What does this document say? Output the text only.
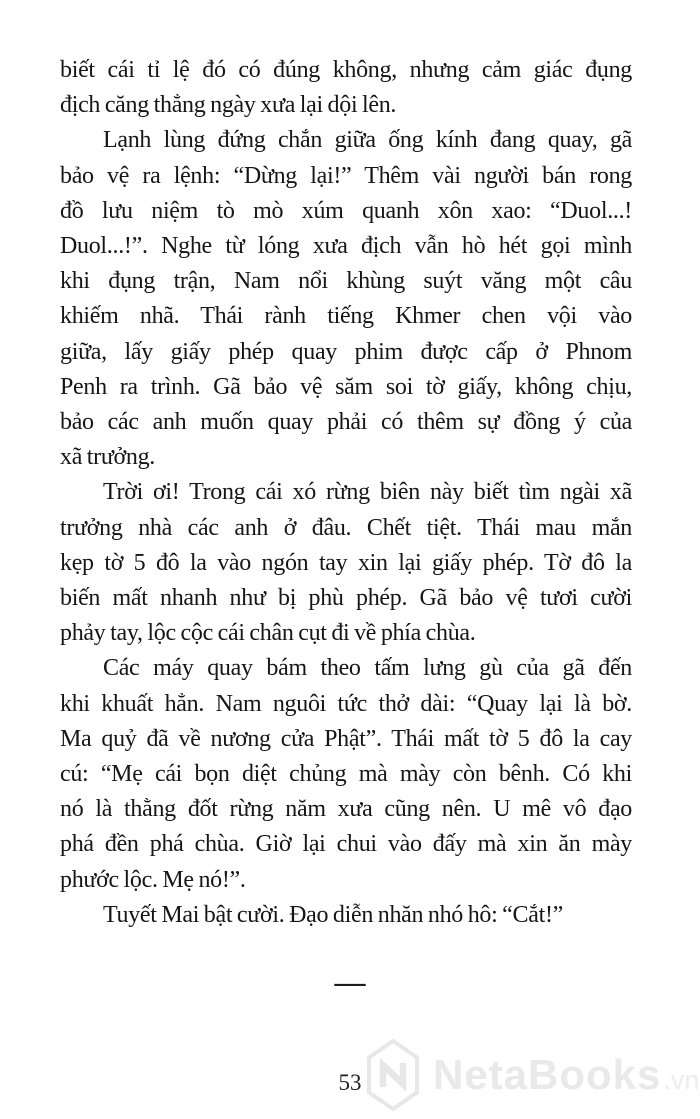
biết cái tỉ lệ đó có đúng không, nhưng cảm giác đụng
địch căng thẳng ngày xưa lại dội lên.
Lạnh lùng đứng chắn giữa ống kính đang quay, gã
bảo vệ ra lệnh: “Dừng lại!” Thêm vài người bán rong
đồ lưu niệm tò mò xúm quanh xôn xao: “Duol...!
Duol...!”. Nghe từ lóng xưa địch vẫn hò hét gọi mình
khi đụng trận, Nam nổi khùng suýt văng một câu
khiếm nhã. Thái rành tiếng Khmer chen vội vào
giữa, lấy giấy phép quay phim được cấp ở Phnom
Penh ra trình. Gã bảo vệ săm soi tờ giấy, không chịu,
bảo các anh muốn quay phải có thêm sự đồng ý của
xã trưởng.
Trời ơi! Trong cái xó rừng biên này biết tìm ngài xã
trưởng nhà các anh ở đâu. Chết tiệt. Thái mau mắn
kẹp tờ 5 đô la vào ngón tay xin lại giấy phép. Tờ đô la
biến mất nhanh như bị phù phép. Gã bảo vệ tươi cười
phảy tay, lộc cộc cái chân cụt đi về phía chùa.
Các máy quay bám theo tấm lưng gù của gã đến
khi khuất hẳn. Nam nguôi tức thở dài: “Quay lại là bờ.
Ma quỷ đã về nương cửa Phật”. Thái mất tờ 5 đô la cay
cú: “Mẹ cái bọn diệt chủng mà mày còn bênh. Có khi
nó là thằng đốt rừng năm xưa cũng nên. U mê vô đạo
phá đền phá chùa. Giờ lại chui vào đấy mà xin ăn mày
phước lộc. Mẹ nó!”.
Tuyết Mai bật cười. Đạo diễn nhăn nhó hô: “Cắt!”
—
53	NetaBooks .vn
